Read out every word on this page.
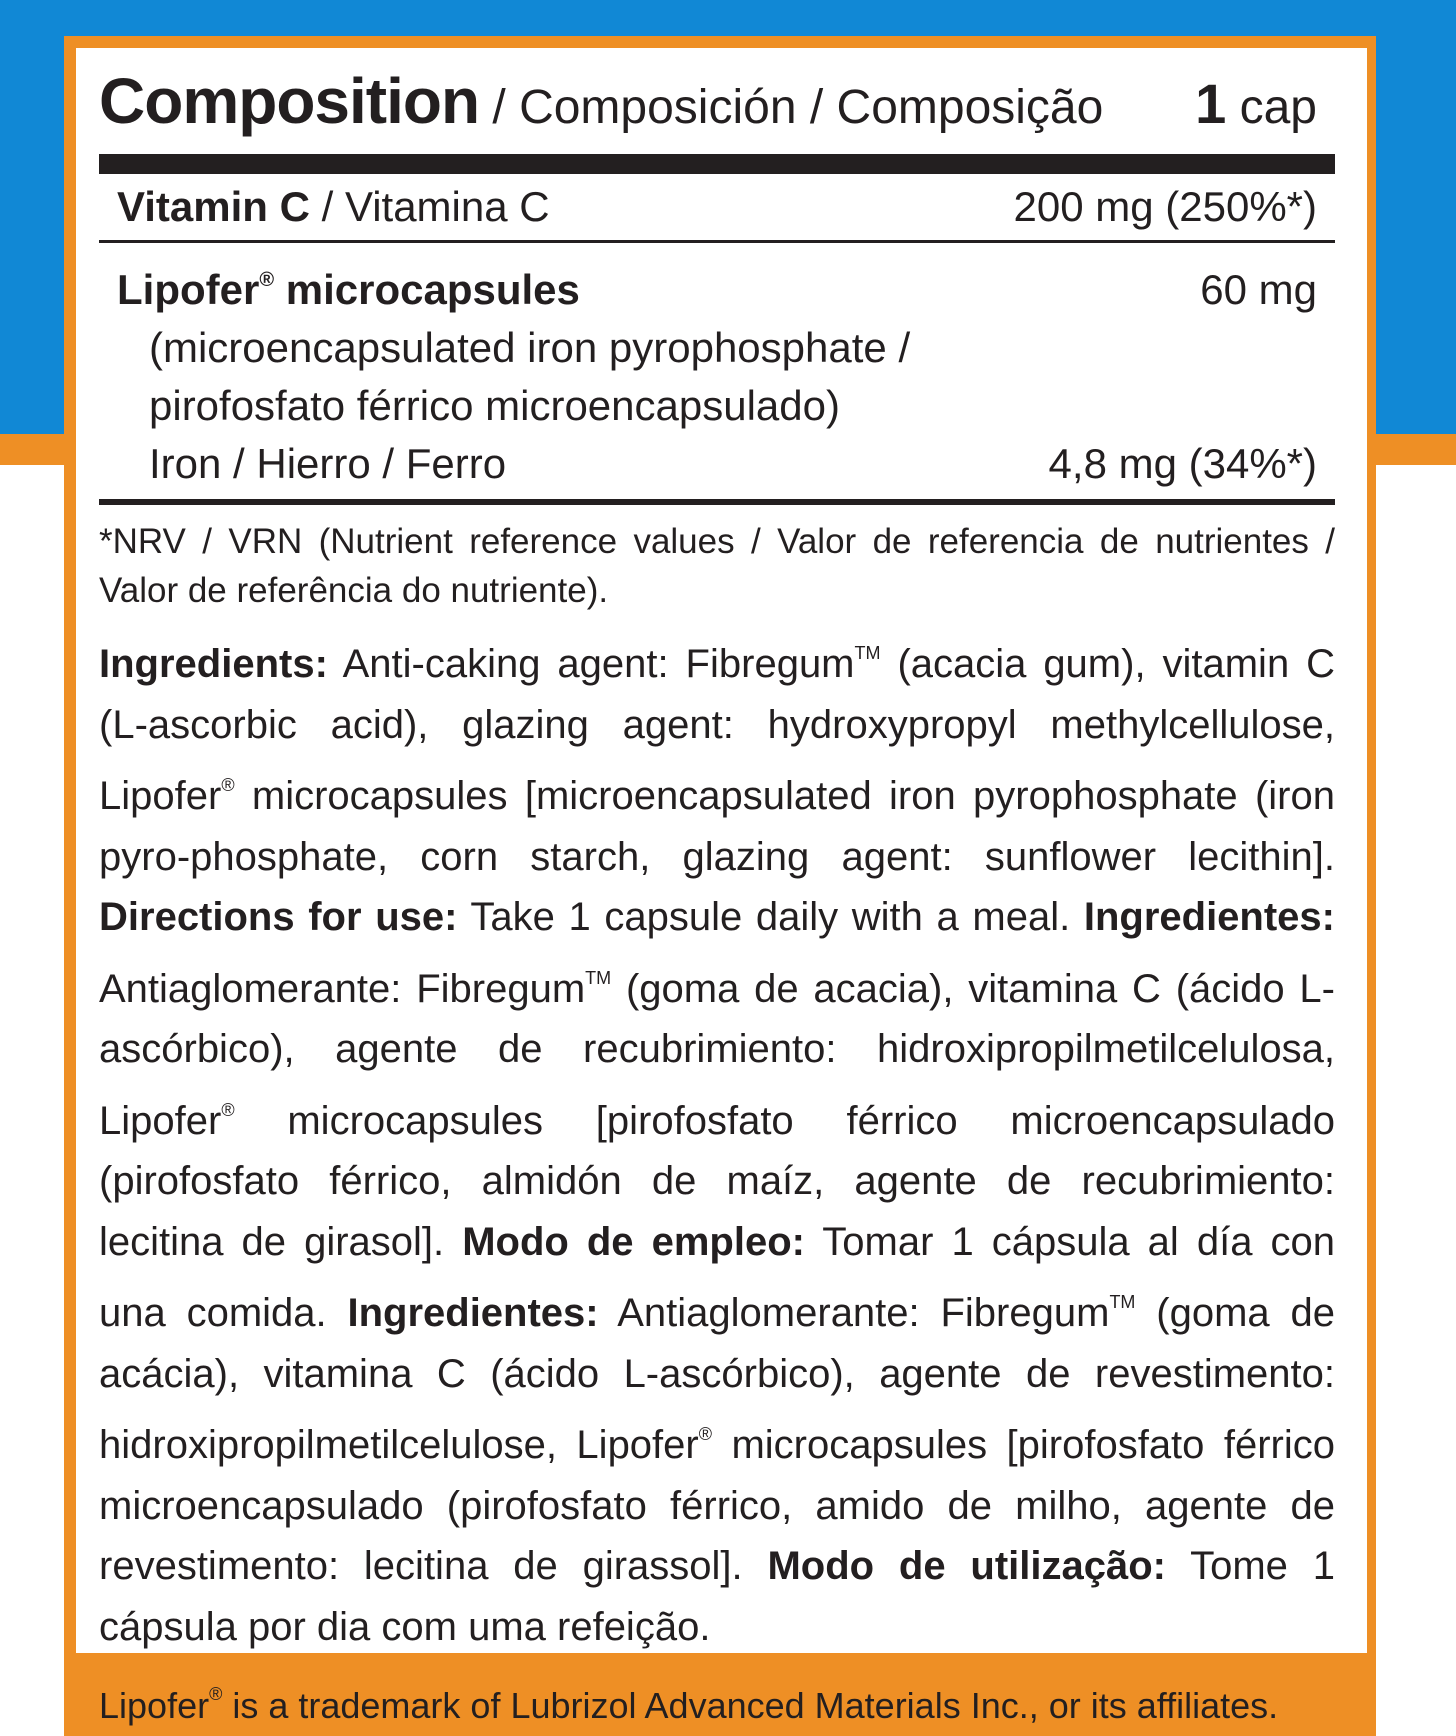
Composition / Composición / Composição 1 cap
Vitamin C / Vitamina C	200 mg (250%*)
Lipofer® microcapsules	60 mg
(microencapsulated iron pyrophosphate /
pirofosfato férrico microencapsulado)
Iron / Hierro / Ferro	4,8 mg (34%*)
*NRV / VRN (Nutrient reference values / Valor de referencia de nutrientes / Valor de referência do nutriente).
Ingredients: Anti-caking agent: Fibregum™ (acacia gum), vitamin C (L-ascorbic acid), glazing agent: hydroxypropyl methylcellulose, Lipofer® microcapsules [microencapsulated iron pyrophosphate (iron pyro-phosphate, corn starch, glazing agent: sunflower lecithin]. Directions for use: Take 1 capsule daily with a meal. Ingredientes: Antiaglomerante: Fibregum™ (goma de acacia), vitamina C (ácido L-ascórbico), agente de recubrimiento: hidroxipropilmetilcelulosa, Lipofer® microcapsules [pirofosfato férrico microencapsulado (pirofosfato férrico, almidón de maíz, agente de recubrimiento: lecitina de girasol]. Modo de empleo: Tomar 1 cápsula al día con una comida. Ingredientes: Antiaglomerante: Fibregum™ (goma de acácia), vitamina C (ácido L-ascórbico), agente de revestimento: hidroxipropilmetilcelulose, Lipofer® microcapsules [pirofosfato férrico microencapsulado (pirofosfato férrico, amido de milho, agente de revestimento: lecitina de girassol]. Modo de utilização: Tome 1 cápsula por dia com uma refeição.
Lipofer® is a trademark of Lubrizol Advanced Materials Inc., or its affiliates.
